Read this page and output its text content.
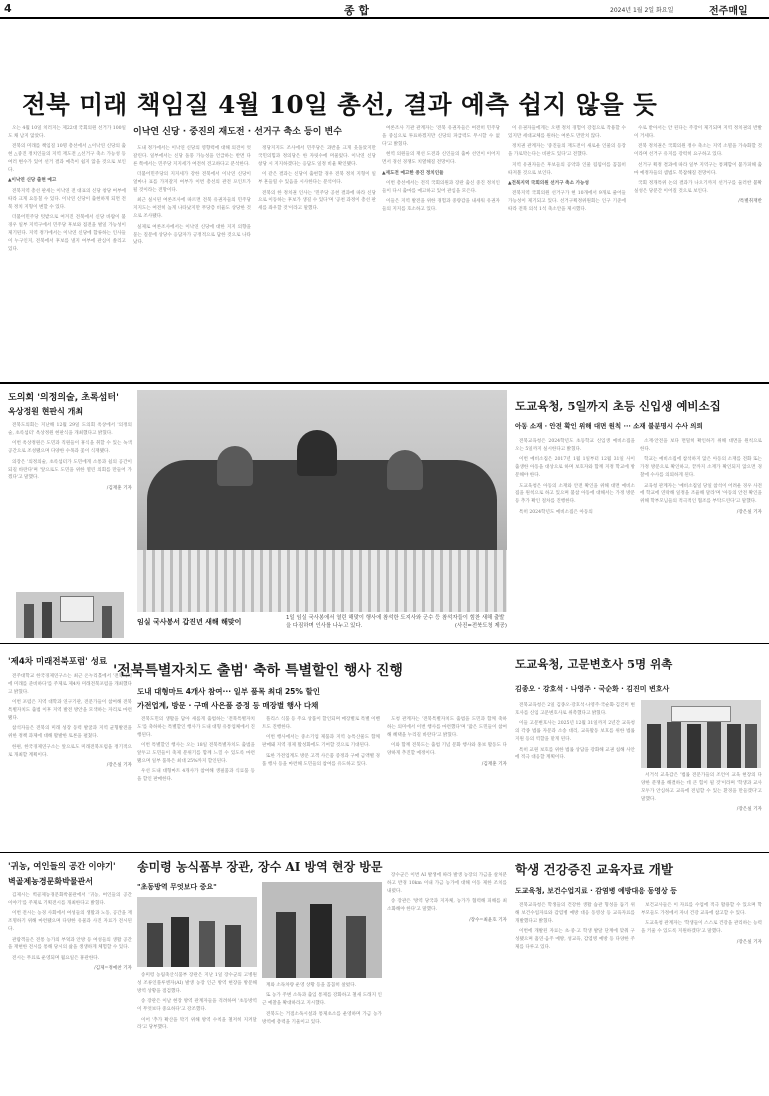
4	종 합	2024년 1월 2일 화요일	전주매일
전북 미래 책임질 4월 10일 총선, 결과 예측 쉽지 않을 듯

오는 4월 10일 치러지는 제22대 국회의원 선거가 100일도 채 남지 않았다.

전북의 미래를 책임질 10명 총선에서 △이낙연 신당의 출현 △중진 정치인들의 지역 재도전 △선거구 축소 가능성 등 여러 변수가 있어 선거 결과 예측이 쉽지 않을 것으로 보인다.

▲이낙연 신당 출현 예고

전북지역 총선 판세는 이낙연 전 대표의 신당 창당 여부에 따라 크게 요동칠 수 있다. 이낙연 신당이 출현하게 되면 전북 정치 지형이 변할 수 있다.

더불어민주당 텃밭으로 여겨진 전북에서 신당 바람이 불 경우 일부 지역구에서 민주당 후보와 접전을 벌일 가능성이 제기된다. 지역 정가에서는 이낙연 신당에 합류하는 인사들이 누구인지, 전북에서 후보를 낼지 여부에 관심이 쏠리고 있다.

이낙연 신당 · 중진의 재도전 · 선거구 축소 등이 변수

도내 정가에서는 이낙연 신당의 영향력에 대해 의견이 엇갈린다. 일부에서는 신당 돌풍 가능성을 언급하는 반면 다른 쪽에서는 민주당 지지세가 여전히 견고하다고 분석한다.

더불어민주당의 지지세가 강한 전북에서 이낙연 신당이 얼마나 표를 가져갈지 여부가 이번 총선의 관전 포인트가 될 것이라는 전망이다.

최근 실시된 여론조사에 따르면 전북 유권자들의 민주당 지지도는 여전히 높게 나타났지만 무당층 비율도 상당한 것으로 조사됐다.

실제로 여론조사에서는 이낙연 신당에 대한 지지 의향을 묻는 질문에 상당수 응답자가 긍정적으로 답한 것으로 나타났다.

정당지지도 조사에서 민주당은 과반을 크게 웃돌았지만 국민의힘과 정의당은 한 자릿수에 머물렀다. 이낙연 신당 창당 시 지지하겠다는 응답도 일정 비율 확인됐다.

이 같은 결과는 신당이 출현할 경우 전북 정치 지형이 일부 흔들릴 수 있음을 시사한다는 분석이다.

전북의 한 정치권 인사는 '민주당 공천 결과에 따라 신당으로 이동하는 후보가 생길 수 있다'며 '공천 과정이 총선 판세를 좌우할 것'이라고 말했다.

여론조사 기관 관계자는 '전북 유권자들은 여전히 민주당을 중심으로 투표하겠지만 신당의 파급력도 무시할 수 없다'고 밝혔다.

현역 의원들의 재선 도전과 신인들의 출마 선언이 이어지면서 경선 경쟁도 치열해질 전망이다.

▲재도전 예고한 중진 정치인들

이번 총선에서는 전직 국회의원과 장관 출신 중진 정치인들이 다시 출마를 예고하고 있어 관심을 모은다.

이들은 지역 발전을 위한 경험과 중량감을 내세워 유권자들의 지지를 호소하고 있다.

이 유권자들에게는 오랜 정치 경험이 강점으로 작용할 수 있지만 세대교체를 원하는 여론도 만만치 않다.

정치권 관계자는 '중진들의 재도전이 새로운 인물의 등장을 가로막는다는 비판도 있다'고 전했다.

지역 유권자들은 후보들의 공약과 인물 됨됨이를 꼼꼼히 따져볼 것으로 보인다.

▲전북지역 국회의원 선거구 축소 가능성

전북지역 국회의원 선거구가 현 10개에서 9개로 줄어들 가능성이 제기되고 있다. 선거구획정위원회는 인구 기준에 따라 전북 의석 1석 축소안을 제시했다.

수로 받아서는 안 된다는 주장이 제기되며 지역 정치권의 반발이 거세다.

전북 정치권은 국회의원 정수 축소는 지역 소멸을 가속화할 것이라며 선거구 유지를 강력히 요구하고 있다.

선거구 획정 결과에 따라 일부 지역구는 통폐합이 불가피해 출마 예정자들의 셈법도 복잡해질 전망이다.

국회 정개특위 논의 결과가 나오기까지 선거구를 둘러싼 불확실성은 당분간 이어질 것으로 보인다.

/특별취재반

도의회 '의정의술, 초록섬터'
옥상정원 현판식 개최

전북도의회는 지난해 12월 29일 도의회 옥상에서 '의정의술, 초록섬터' 옥상정원 현판식을 개최했다고 밝혔다.

이번 옥상정원은 도민과 직원들이 휴식을 취할 수 있는 녹색 공간으로 조성됐으며 다양한 수목과 꽃이 식재됐다.

의장은 '의정의술, 초록섬터가 도민에게 소통과 쉼의 공간이 되길 바란다'며 '앞으로도 도민을 위한 열린 의회를 만들어 가겠다'고 말했다.

/김재훈 기자

임실 국사봉서 갑진년 새해 해맞이	1일 임실 국사봉에서 열린 해맞이 행사에 참석한 도지사와 군수 등 참석자들이 힘찬 새해 출발을 다짐하며 인사를 나누고 있다.	(사진=전북도청 제공)
도교육청, 5일까지 초등 신입생 예비소집
아동 소재 · 안전 확인 위해 대면 원칙 ··· 소재 불분명시 수사 의뢰

전북교육청은 2024학년도 초등학교 신입생 예비소집을 오는 5일까지 실시한다고 밝혔다.

이번 예비소집은 2017년 1월 1일부터 12월 31일 사이 출생한 아동을 대상으로 하며 보호자와 함께 지정 학교에 방문해야 한다.

도교육청은 아동의 소재와 안전 확인을 위해 대면 예비소집을 원칙으로 하고 있으며 불참 아동에 대해서는 가정 방문 등 추가 확인 절차를 진행한다.

특히 2024학년도 예비소집은 아동의

소재·안전을 보다 면밀히 확인하기 위해 대면을 원칙으로 한다.

학교는 예비소집에 참석하지 않은 아동의 소재를 전화 또는 가정 방문으로 확인하고, 끝까지 소재가 확인되지 않으면 경찰에 수사를 의뢰하게 된다.

교육청 관계자는 '예비소집일 당일 참석이 어려운 경우 사전에 학교에 연락해 일정을 조율해 달라'며 '아동의 안전 확인을 위해 학부모님들의 적극적인 협조를 부탁드린다'고 말했다.

/장은실 기자

'제4차 미래전북포럼' 성료

전주대학교 한국경제연구소는 최근 온누리홀에서 '전북자치에 미래를 준비하다'를 주제로 제4차 미래전북포럼을 개최했다고 밝혔다.

이번 포럼은 지역 대학과 연구기관, 전문가들이 참여해 전북특별자치도 출범 이후 지역 발전 방안을 모색하는 자리로 마련됐다.

참석자들은 전북의 미래 성장 동력 발굴과 지역 균형발전을 위한 정책 과제에 대해 활발한 토론을 펼쳤다.

한편, 한국경제연구소는 앞으로도 미래전북포럼을 정기적으로 개최할 계획이다.

/장은실 기자

'전북특별자치도 출범' 축하 특별할인 행사 진행
도내 대형마트 4개사 참여··· 일부 품목 최대 25% 할인
가전업계, 방문 · 구매 사은품 증정 등 매장별 행사 다채

전북도민의 생활을 담아 새롭게 출범하는 '전북특별자치도'를 축하하는 특별할인 행사가 도내 대형 유통업체에서 진행된다.

이번 특별할인 행사는 오는 18일 전북특별자치도 출범을 앞두고 도민들이 축제 분위기를 함께 느낄 수 있도록 마련됐으며 일부 품목은 최대 25%까지 할인된다.

우선 도내 대형마트 4개사가 참여해 생필품과 식료품 등을 할인 판매한다.

플리스 식품 등 주요 상품이 할인되며 매장별로 특별 이벤트도 진행한다.

이번 행사에서는 중소기업 제품과 지역 농특산물도 함께 판매돼 지역 경제 활성화에도 기여할 것으로 기대된다.

또한 가전업계도 방문 고객 사은품 증정과 구매 금액별 경품 행사 등을 마련해 도민들의 참여를 유도하고 있다.

도청 관계자는 '전북특별자치도 출범을 도민과 함께 축하하는 의미에서 이번 행사를 마련했다'며 '많은 도민들이 참여해 혜택을 누리길 바란다'고 밝혔다.

이와 함께 전북도는 출범 기념 문화 행사와 홍보 활동도 다양하게 추진할 예정이다.

/김재훈 기자

도교육청, 고문변호사 5명 위촉
김종오 · 강호석 · 나영주 · 국순화 · 김진미 변호사

전북교육청은 2일 김종오·강호석·나영주·국순화·김진미 변호사를 신임 고문변호사로 위촉했다고 밝혔다.

이들 고문변호사는 2025년 12월 31일까지 2년간 교육청의 각종 법률 자문과 소송 대리, 교육활동 보호를 위한 법률 지원 등의 역할을 맡게 된다.

특히 교원 보호를 위한 법률 상담을 강화해 교권 침해 사안에 적극 대응할 계획이다.

서거석 교육감은 '법률 전문가들의 조언이 교육 현장의 다양한 분쟁을 해결하는 데 큰 힘이 될 것'이라며 '학생과 교사 모두가 안심하고 교육에 전념할 수 있는 환경을 만들겠다'고 말했다.

/장은실 기자

'귀농, 여인들의 공간 이야기'
벽골제농경문화박물관서

김제시는 벽골제농경문화박물관에서 '귀농, 여인들의 공간 이야기'를 주제로 기획전시를 개최한다고 밝혔다.

이번 전시는 농경 사회에서 여성들의 생활과 노동, 공간을 재조명하기 위해 마련됐으며 다양한 유물과 사진 자료가 전시된다.

관람객들은 전통 농가의 부엌과 안방 등 여성들의 생활 공간을 재현한 전시를 통해 당시의 삶을 생생하게 체험할 수 있다.

전시는 무료로 운영되며 월요일은 휴관한다.

/김제=정예찬 기자

송미령 농식품부 장관, 장수 AI 방역 현장 방문
"초동방역 무엇보다 중요"

송미령 농림축산식품부 장관은 지난 1일 장수군의 고병원성 조류인플루엔자(AI) 발생 농장 인근 방역 현장을 방문해 방역 상황을 점검했다.

송 장관은 이날 현장 방역 관계자들을 격려하며 '초동방역이 무엇보다 중요하다'고 강조했다.

이어 '추가 확산을 막기 위해 방역 수칙을 철저히 지켜달라'고 당부했다.

계와 소독차량 운영 상황 등을 꼼꼼히 살폈다.

또 농가 주변 소독과 출입 통제를 강화하고 철새 도래지 인근 예찰을 확대하라고 지시했다.

전북도는 거점소독시설과 통제초소를 운영하며 가금 농가 방역에 총력을 기울이고 있다.

장수군은 이번 AI 발생에 따라 발생 농장의 가금을 살처분하고 반경 10km 이내 가금 농가에 대해 이동 제한 조치를 내렸다.

송 장관은 '방역 당국과 지자체, 농가가 협력해 피해를 최소화해야 한다'고 말했다.

/장수=최윤호 기자

학생 건강증진 교육자료 개발
도교육청, 보건수업지료 · 감염병 예방대응 동영상 등

전북교육청은 학생들의 건강한 생활 습관 형성을 돕기 위해 보건수업자료와 감염병 예방 대응 동영상 등 교육자료를 개발했다고 밝혔다.

이번에 개발된 자료는 초·중·고 학생 발달 단계에 맞춰 구성됐으며 흡연·음주 예방, 성교육, 감염병 예방 등 다양한 주제를 다루고 있다.

보건교사들은 이 자료를 수업에 적극 활용할 수 있으며 학부모들도 가정에서 자녀 건강 교육에 참고할 수 있다.

도교육청 관계자는 '학생들이 스스로 건강을 관리하는 능력을 키울 수 있도록 지원하겠다'고 말했다.

/장은실 기자
